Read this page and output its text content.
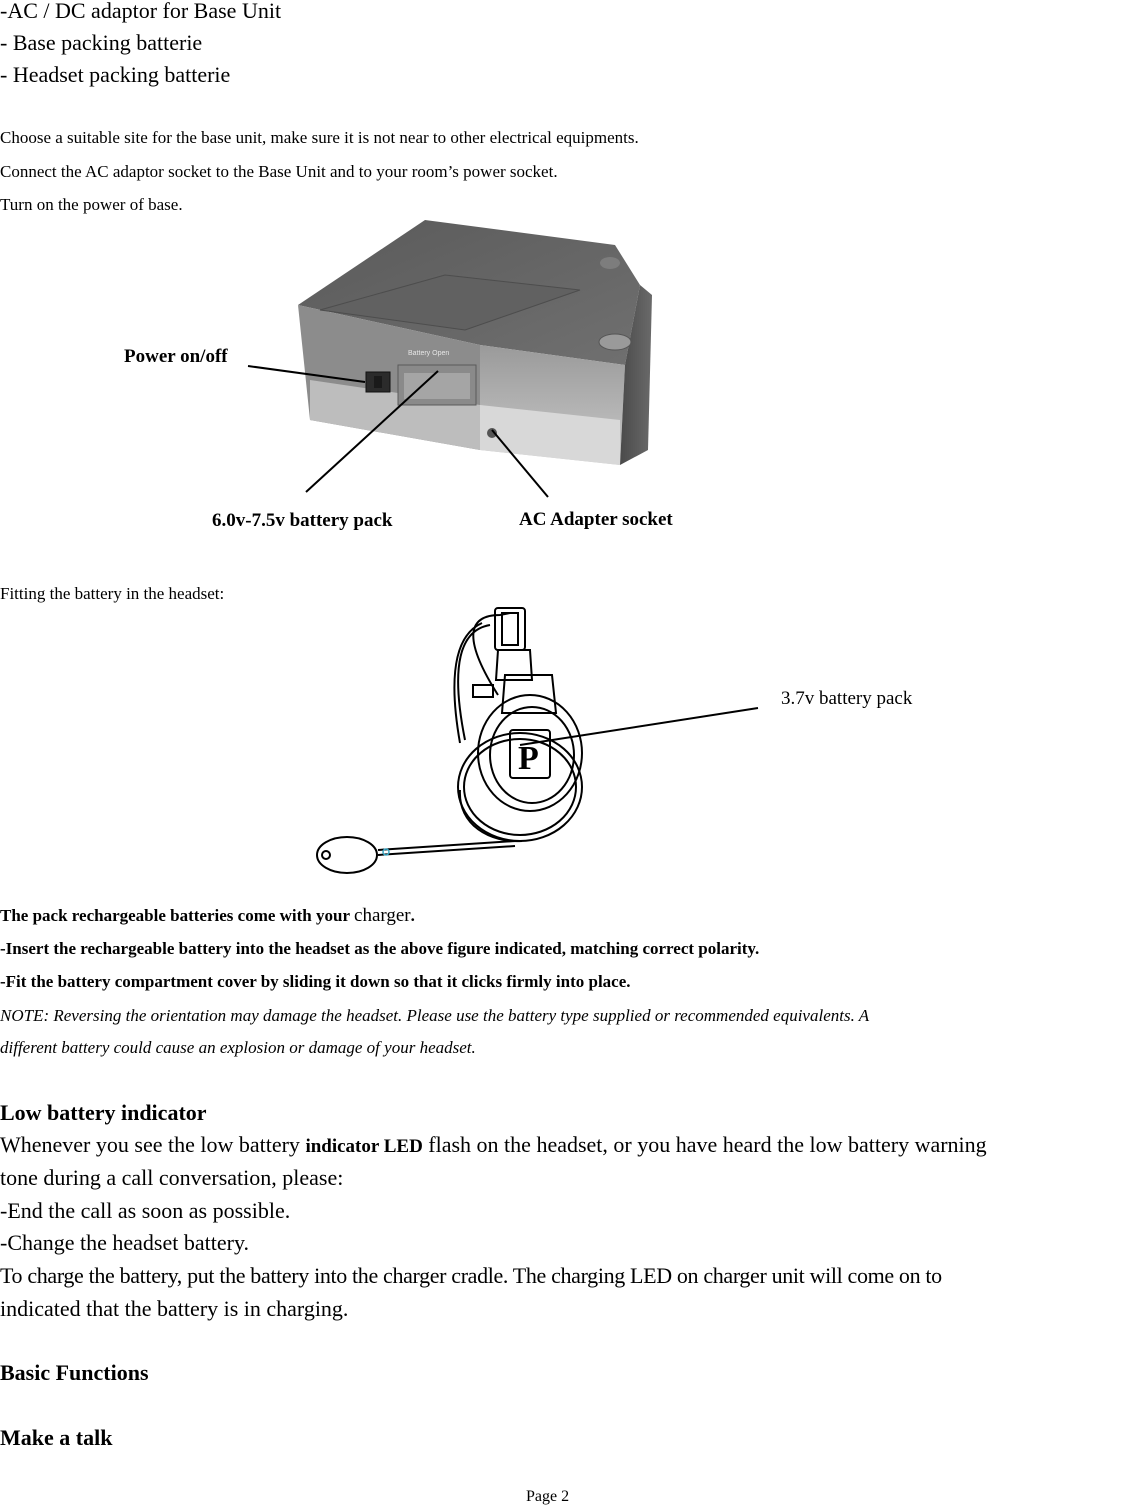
-AC / DC adaptor for Base Unit
- Base packing batterie
- Headset packing batterie
Choose a suitable site for the base unit, make sure it is not near to other electrical equipments.
Connect the AC adaptor socket to the Base Unit and to your room’s power socket.
Turn on the power of base.
Battery Open
Power on/off
6.0v-7.5v battery pack	AC Adapter socket
Fitting the battery in the headset:
P
3.7v battery pack
The pack rechargeable batteries come with your charger.
-Insert the rechargeable battery into the headset as the above figure indicated, matching correct polarity.
-Fit the battery compartment cover by sliding it down so that it clicks firmly into place.
NOTE: Reversing the orientation may damage the headset. Please use the battery type supplied or recommended equivalents. A
different battery could cause an explosion or damage of your headset.
Low battery indicator
Whenever you see the low battery indicator LED flash on the headset, or you have heard the low battery warning
tone during a call conversation, please:
-End the call as soon as possible.
-Change the headset battery.
To charge the battery, put the battery into the charger cradle. The charging LED on charger unit will come on to
indicated that the battery is in charging.
Basic Functions
Make a talk
Page 2
